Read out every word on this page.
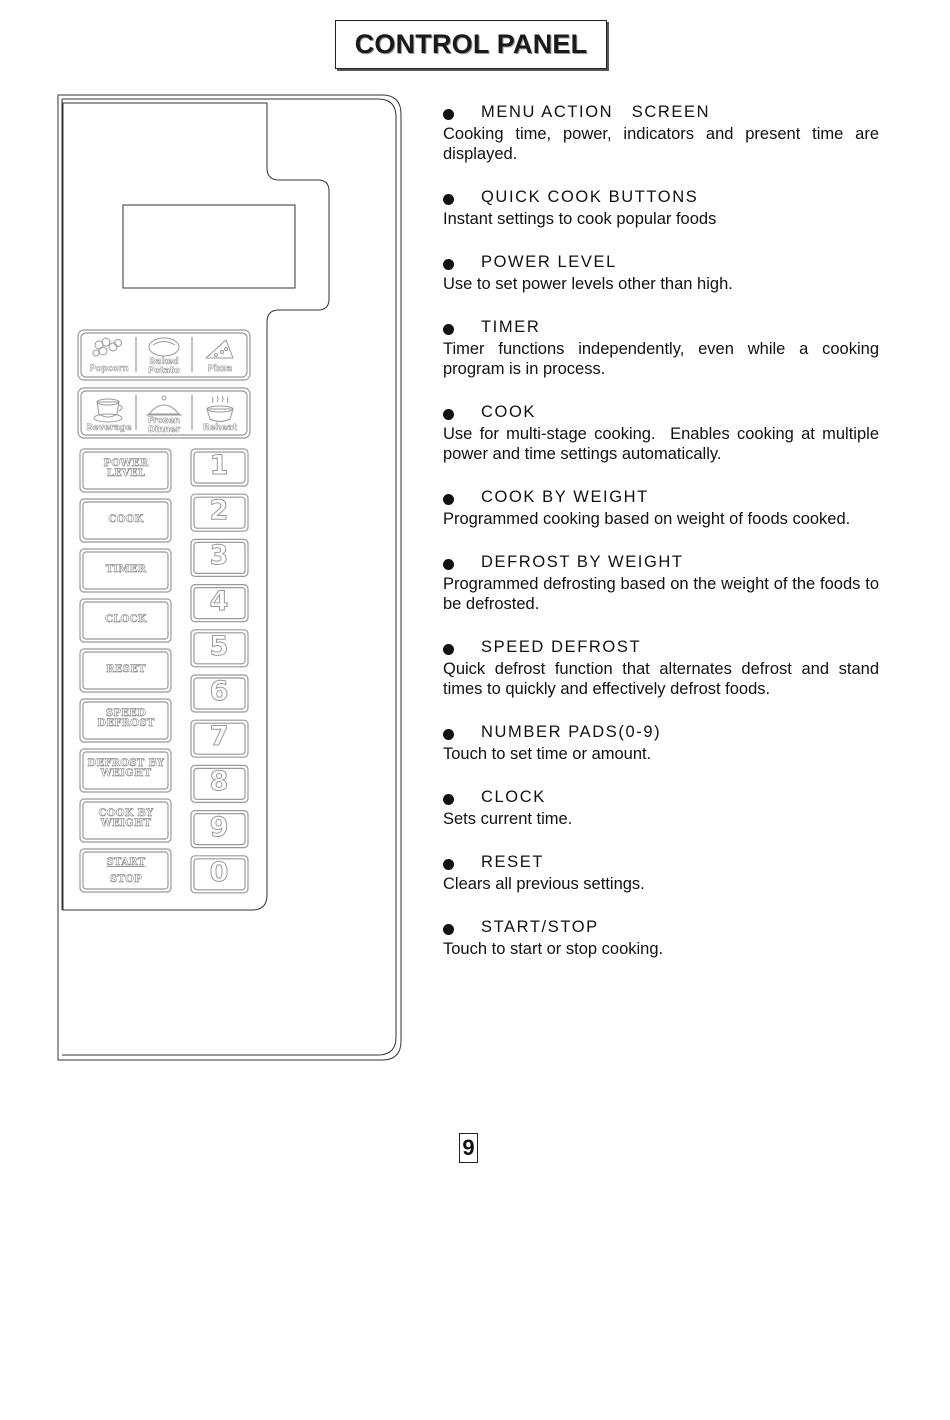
CONTROL PANEL
Popcorn
Baked
Potato	Pizza
Beverage
Frozen
Dinner	Reheat
POWER
LEVEL
COOK
TIMER
CLOCK
RESET
SPEED
DEFROST
DEFROST BY
WEIGHT
COOK BY
WEIGHT
START
STOP
1
2
3
4
5
6
7
8
9
0
MENU ACTION   SCREEN
Cooking time, power, indicators and present time are displayed.
QUICK COOK BUTTONS
Instant settings to cook popular foods
POWER LEVEL
Use to set power levels other than high.
TIMER
Timer functions independently, even while a cooking program is in process.
COOK
Use for multi-stage cooking.  Enables cooking at multiple power and time settings automatically.
COOK BY WEIGHT
Programmed cooking based on weight of foods cooked.
DEFROST BY WEIGHT
Programmed defrosting based on the weight of the foods to be defrosted.
SPEED DEFROST
Quick defrost function that alternates defrost and stand times to quickly and effectively defrost foods.
NUMBER PADS(0-9)
Touch to set time or amount.
CLOCK
Sets current time.
RESET
Clears all previous settings.
START/STOP
Touch to start or stop cooking.
9
